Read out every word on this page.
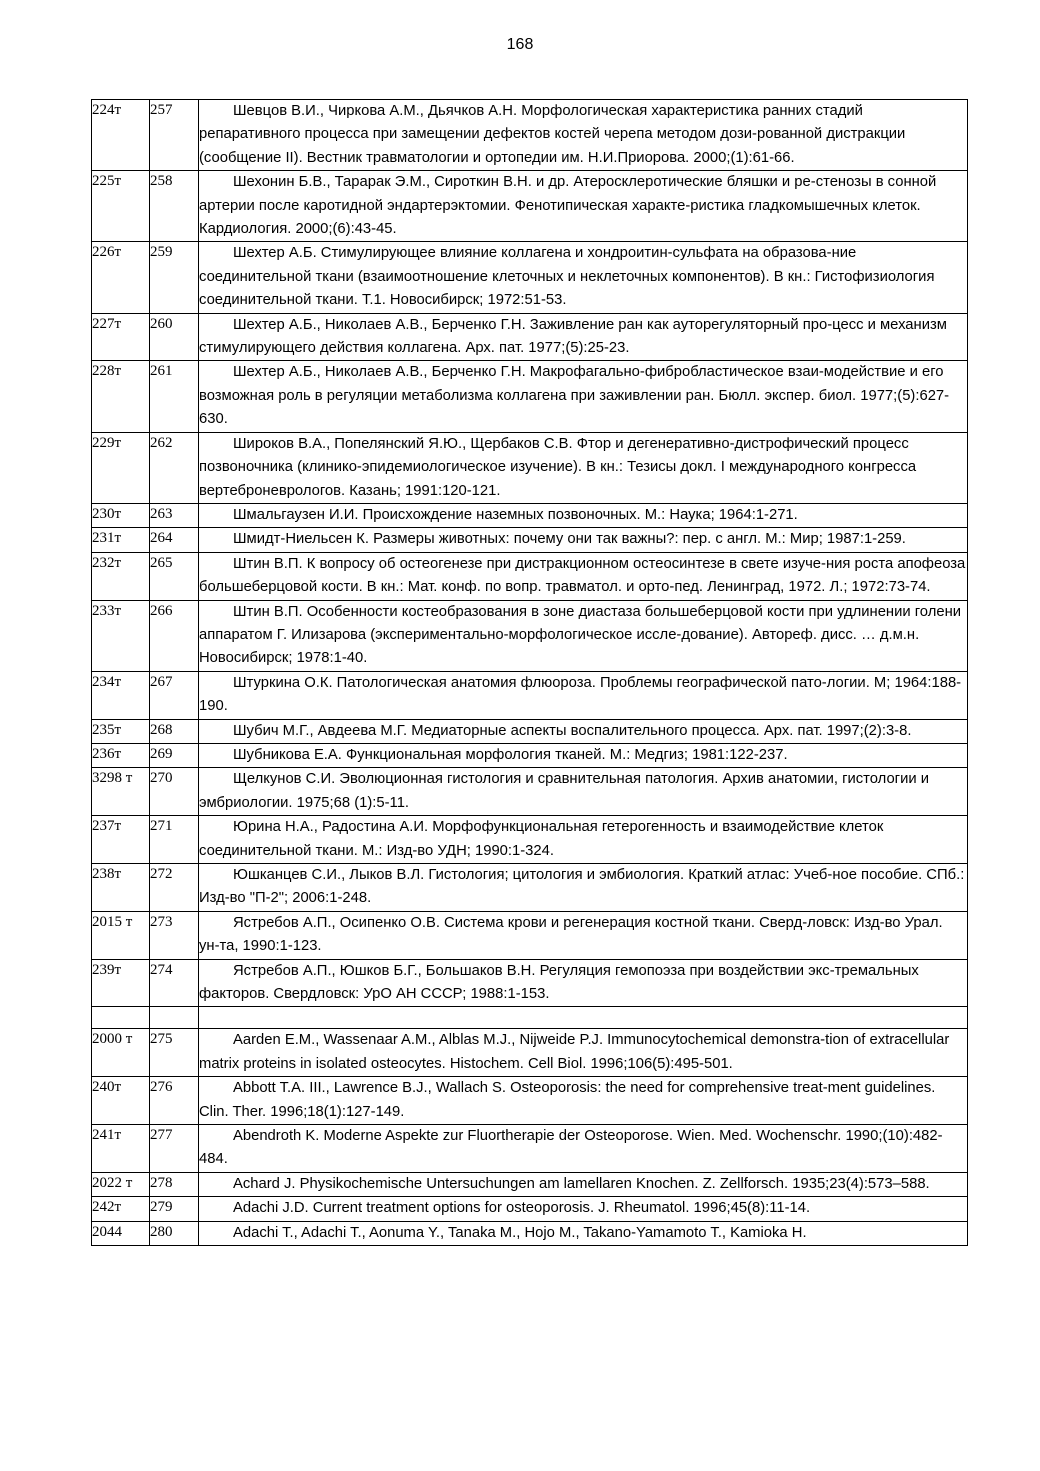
168
224т	257	Шевцов В.И., Чиркова А.М., Дьячков А.Н. Морфологическая характеристика ранних стадий репаративного процесса при замещении дефектов костей черепа методом дози-рованной дистракции (сообщение II). Вестник травматологии и ортопедии им. Н.И.Приорова. 2000;(1):61-66.

225т	258	Шехонин Б.В., Тарарак Э.М., Сироткин В.Н. и др. Атеросклеротические бляшки и ре-стенозы в сонной артерии после каротидной эндартерэктомии. Фенотипическая характе-ристика гладкомышечных клеток. Кардиология. 2000;(6):43-45.

226т	259	Шехтер А.Б. Стимулирующее влияние коллагена и хондроитин-сульфата на образова-ние соединительной ткани (взаимоотношение клеточных и неклеточных компонентов). В кн.: Гистофизиология соединительной ткани. Т.1. Новосибирск; 1972:51-53.

227т	260	Шехтер А.Б., Николаев А.В., Берченко Г.Н. Заживление ран как ауторегуляторный про-цесс и механизм стимулирующего действия коллагена. Арх. пат. 1977;(5):25-23.

228т	261	Шехтер А.Б., Николаев А.В., Берченко Г.Н. Макрофагально-фибробластическое взаи-модействие и его возможная роль в регуляции метаболизма коллагена при заживлении ран. Бюлл. экспер. биол. 1977;(5):627-630.

229т	262	Широков В.А., Попелянский Я.Ю., Щербаков С.В. Фтор и дегенеративно-дистрофический процесс позвоночника (клинико-эпидемиологическое изучение). В кн.: Тезисы докл. I международного конгресса вертеброневрологов. Казань; 1991:120-121.

230т	263	Шмальгаузен И.И. Происхождение наземных позвоночных. М.: Наука; 1964:1-271.

231т	264	Шмидт-Ниельсен К. Размеры животных: почему они так важны?: пер. с англ. М.: Мир; 1987:1-259.

232т	265	Штин В.П. К вопросу об остеогенезе при дистракционном остеосинтезе в свете изуче-ния роста апофеоза большеберцовой кости. В кн.: Мат. конф. по вопр. травматол. и орто-пед. Ленинград, 1972. Л.; 1972:73-74.

233т	266	Штин В.П. Особенности костеобразования в зоне диастаза большеберцовой кости при удлинении голени аппаратом Г. Илизарова (экспериментально-морфологическое иссле-дование). Автореф. дисс. … д.м.н. Новосибирск; 1978:1-40.

234т	267	Штуркина О.К. Патологическая анатомия флюороза. Проблемы географической пато-логии. М; 1964:188-190.

235т	268	Шубич М.Г., Авдеева М.Г. Медиаторные аспекты воспалительного процесса. Арх. пат. 1997;(2):3-8.

236т	269	Шубникова Е.А. Функциональная морфология тканей. М.: Медгиз; 1981:122-237.

3298 т	270	Щелкунов С.И. Эволюционная гистология и сравнительная патология. Архив анатомии, гистологии и эмбриологии. 1975;68 (1):5-11.

237т	271	Юрина Н.А., Радостина А.И. Морфофункциональная гетерогенность и взаимодействие клеток соединительной ткани. М.: Изд-во УДН; 1990:1-324.

238т	272	Юшканцев С.И., Лыков В.Л. Гистология; цитология и эмбиология. Краткий атлас: Учеб-ное пособие. СПб.: Изд-во "П-2"; 2006:1-248.

2015 т	273	Ястребов А.П., Осипенко О.В. Система крови и регенерация костной ткани. Сверд-ловск: Изд-во Урал. ун-та, 1990:1-123.

239т	274	Ястребов А.П., Юшков Б.Г., Большаков В.Н. Регуляция гемопоэза при воздействии экс-тремальных факторов. Свердловск: УрО АН СССР; 1988:1-153.

2000 т	275	Aarden E.M., Wassenaar A.M., Alblas M.J., Nijweide P.J. Immunocytochemical demonstra-tion of extracellular matrix proteins in isolated osteocytes. Histochem. Cell Biol. 1996;106(5):495-501.

240т	276	Abbott T.A. III., Lawrence B.J., Wallach S. Osteoporosis: the need for comprehensive treat-ment guidelines. Clin. Ther. 1996;18(1):127-149.

241т	277	Abendroth K. Moderne Aspekte zur Fluortherapie der Osteoporose. Wien. Med. Wochenschr. 1990;(10):482-484.

2022 т	278	Achard J. Physikochemische Untersuchungen am lamellaren Knochen. Z. Zellforsch. 1935;23(4):573–588.

242т	279	Adachi J.D. Current treatment options for osteoporosis. J. Rheumatol. 1996;45(8):11-14.

2044	280	Adachi T., Adachi T., Aonuma Y., Tanaka M., Hojo M., Takano-Yamamoto T., Kamioka H.
